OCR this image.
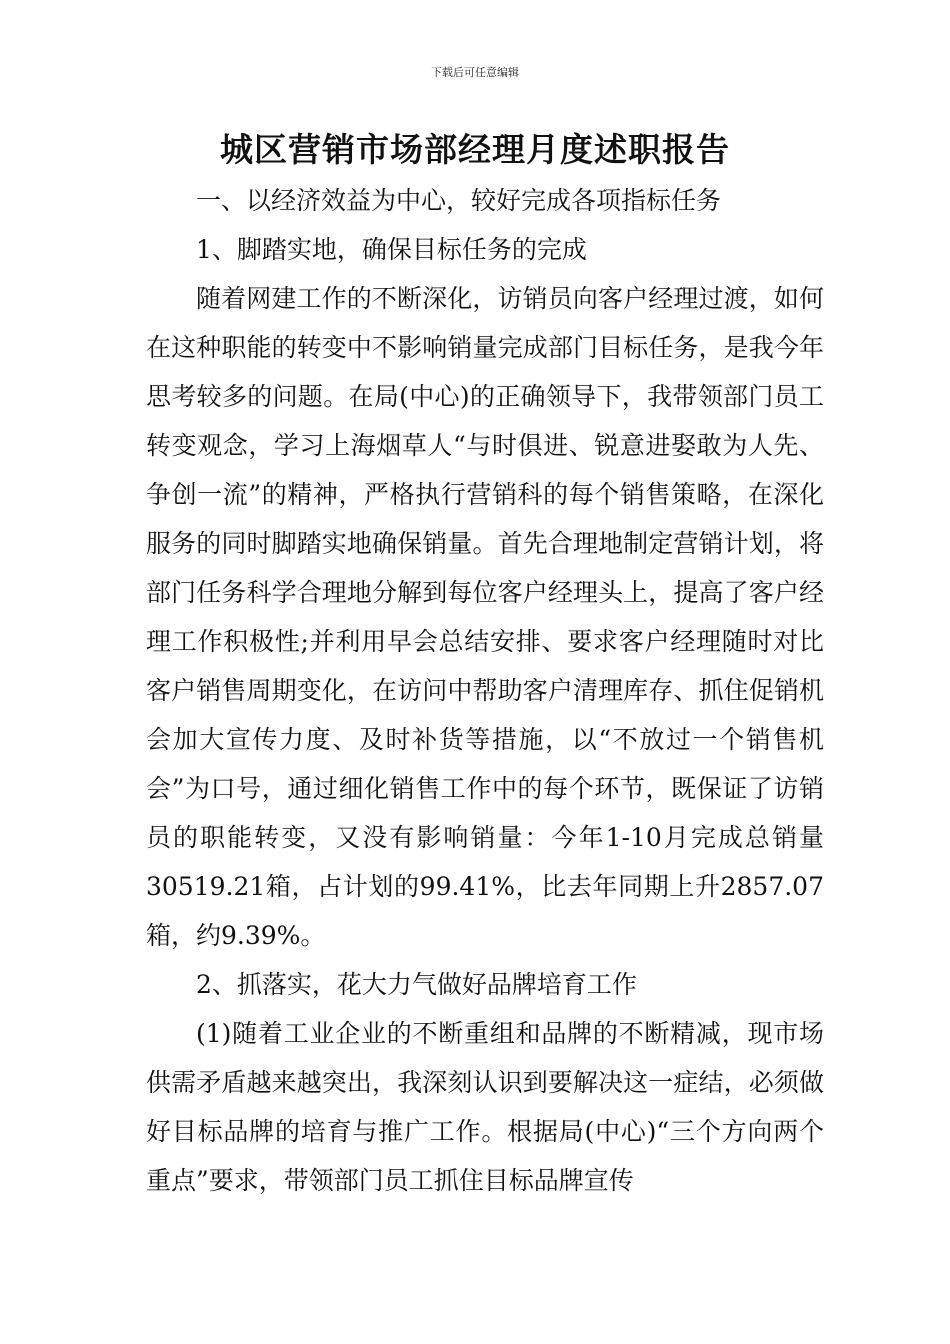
下载后可任意编辑
城区营销市场部经理月度述职报告

一、以经济效益为中心，较好完成各项指标任务

1、脚踏实地，确保目标任务的完成

随着网建工作的不断深化，访销员向客户经理过渡，如何在这种职能的转变中不影响销量完成部门目标任务，是我今年思考较多的问题。在局(中心)的正确领导下，我带领部门员工转变观念，学习上海烟草人“与时俱进、锐意进娶敢为人先、争创一流”的精神，严格执行营销科的每个销售策略，在深化服务的同时脚踏实地确保销量。首先合理地制定营销计划，将部门任务科学合理地分解到每位客户经理头上，提高了客户经理工作积极性;并利用早会总结安排、要求客户经理随时对比客户销售周期变化，在访问中帮助客户清理库存、抓住促销机会加大宣传力度、及时补货等措施，以“不放过一个销售机会”为口号，通过细化销售工作中的每个环节，既保证了访销员的职能转变，又没有影响销量：今年1-10月完成总销量30519.21箱，占计划的99.41%，比去年同期上升2857.07箱，约9.39%。

2、抓落实，花大力气做好品牌培育工作

(1)随着工业企业的不断重组和品牌的不断精减，现市场供需矛盾越来越突出，我深刻认识到要解决这一症结，必须做好目标品牌的培育与推广工作。根据局(中心)“三个方向两个重点”要求，带领部门员工抓住目标品牌宣传
